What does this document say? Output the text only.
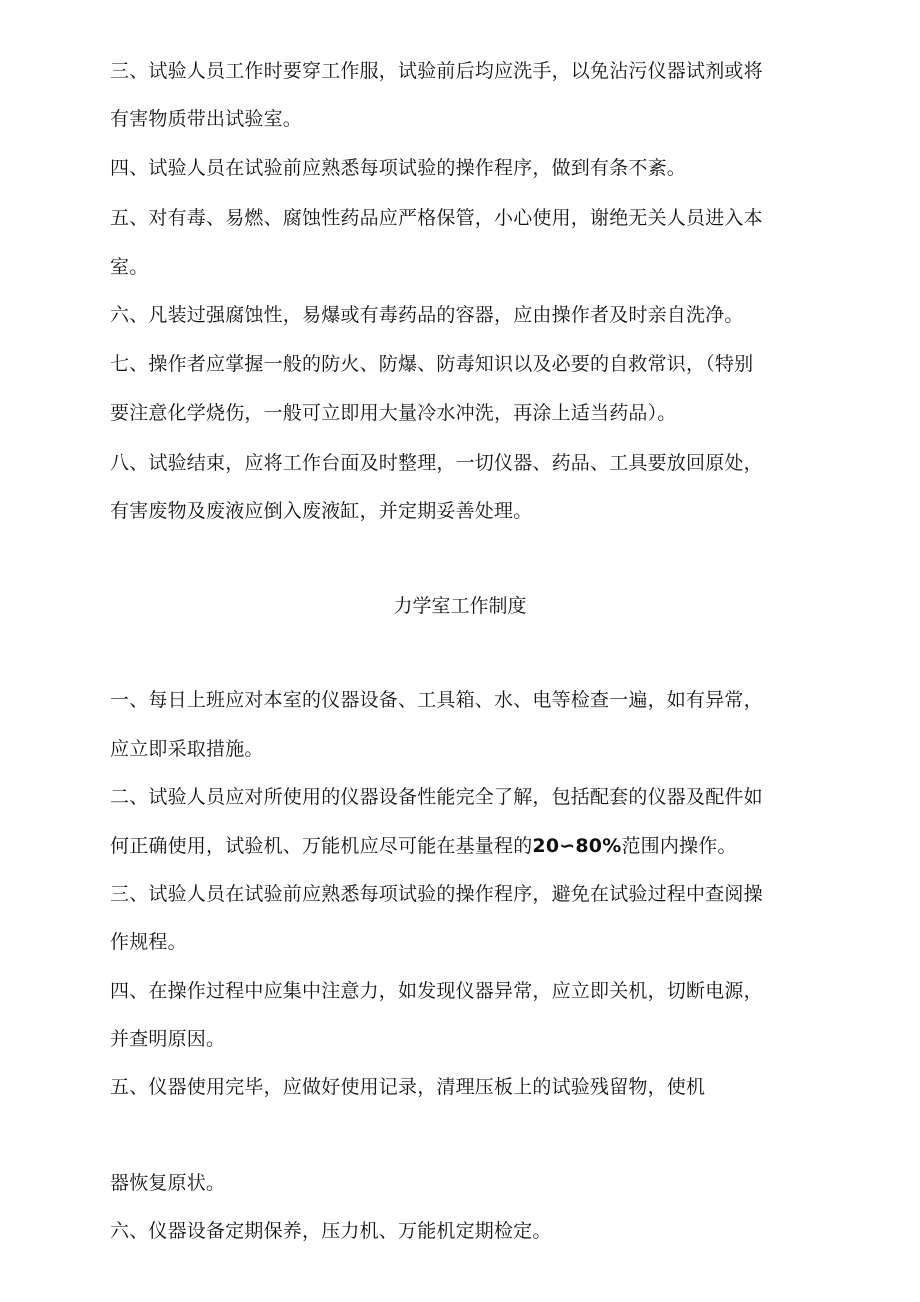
三、试验人员工作时要穿工作服，试验前后均应洗手，以免沾污仪器试剂或将
有害物质带出试验室。
四、试验人员在试验前应熟悉每项试验的操作程序，做到有条不紊。
五、对有毒、易燃、腐蚀性药品应严格保管，小心使用，谢绝无关人员进入本
室。
六、凡装过强腐蚀性，易爆或有毒药品的容器，应由操作者及时亲自洗净。
七、操作者应掌握一般的防火、防爆、防毒知识以及必要的自救常识，（特别
要注意化学烧伤，一般可立即用大量冷水冲洗，再涂上适当药品）。
八、试验结束，应将工作台面及时整理，一切仪器、药品、工具要放回原处，
有害废物及废液应倒入废液缸，并定期妥善处理。
力学室工作制度
一、每日上班应对本室的仪器设备、工具箱、水、电等检查一遍，如有异常，
应立即采取措施。
二、试验人员应对所使用的仪器设备性能完全了解，包括配套的仪器及配件如
何正确使用，试验机、万能机应尽可能在基量程的20∽80%范围内操作。
三、试验人员在试验前应熟悉每项试验的操作程序，避免在试验过程中查阅操
作规程。
四、在操作过程中应集中注意力，如发现仪器异常，应立即关机，切断电源，
并查明原因。
五、仪器使用完毕，应做好使用记录，清理压板上的试验残留物，使机
器恢复原状。
六、仪器设备定期保养，压力机、万能机定期检定。
